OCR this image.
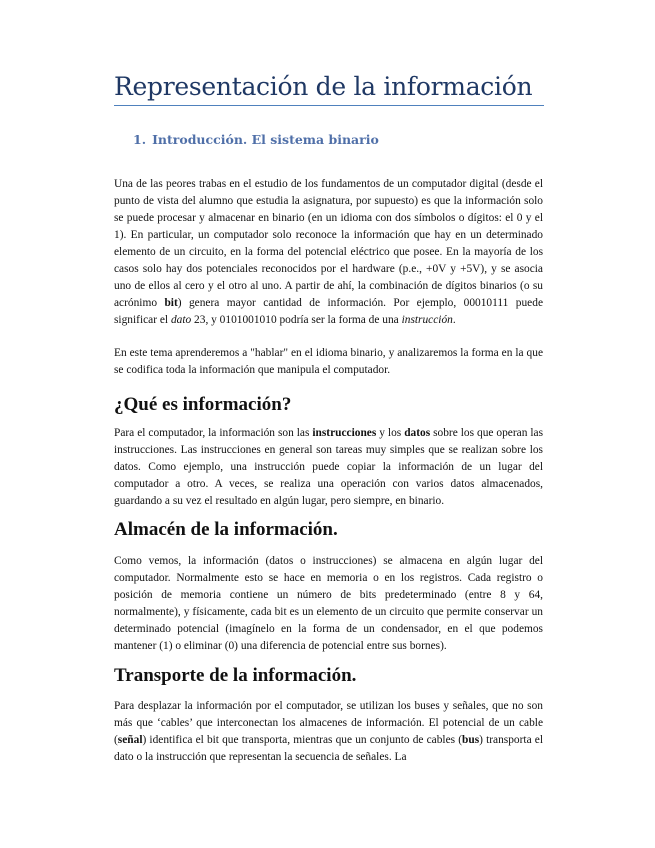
Representación de la información
1. Introducción. El sistema binario

Una de las peores trabas en el estudio de los fundamentos de un computador digital (desde el punto de vista del alumno que estudia la asignatura, por supuesto) es que la información solo se puede procesar y almacenar en binario (en un idioma con dos símbolos o dígitos: el 0 y el 1). En particular, un computador solo reconoce la información que hay en un determinado elemento de un circuito, en la forma del potencial eléctrico que posee. En la mayoría de los casos solo hay dos potenciales reconocidos por el hardware (p.e., +0V y +5V), y se asocia uno de ellos al cero y el otro al uno. A partir de ahí, la combinación de dígitos binarios (o su acrónimo bit) genera mayor cantidad de información. Por ejemplo, 00010111 puede significar el dato 23, y 0101001010 podría ser la forma de una instrucción.

En este tema aprenderemos a "hablar" en el idioma binario, y analizaremos la forma en la que se codifica toda la información que manipula el computador.

¿Qué es información?

Para el computador, la información son las instrucciones y los datos sobre los que operan las instrucciones. Las instrucciones en general son tareas muy simples que se realizan sobre los datos. Como ejemplo, una instrucción puede copiar la información de un lugar del computador a otro. A veces, se realiza una operación con varios datos almacenados, guardando a su vez el resultado en algún lugar, pero siempre, en binario.

Almacén de la información.

Como vemos, la información (datos o instrucciones) se almacena en algún lugar del computador. Normalmente esto se hace en memoria o en los registros. Cada registro o posición de memoria contiene un número de bits predeterminado (entre 8 y 64, normalmente), y físicamente, cada bit es un elemento de un circuito que permite conservar un determinado potencial (imagínelo en la forma de un condensador, en el que podemos mantener (1) o eliminar (0) una diferencia de potencial entre sus bornes).

Transporte de la información.

Para desplazar la información por el computador, se utilizan los buses y señales, que no son más que ‘cables’ que interconectan los almacenes de información. El potencial de un cable (señal) identifica el bit que transporta, mientras que un conjunto de cables (bus) transporta el dato o la instrucción que representan la secuencia de señales. La
